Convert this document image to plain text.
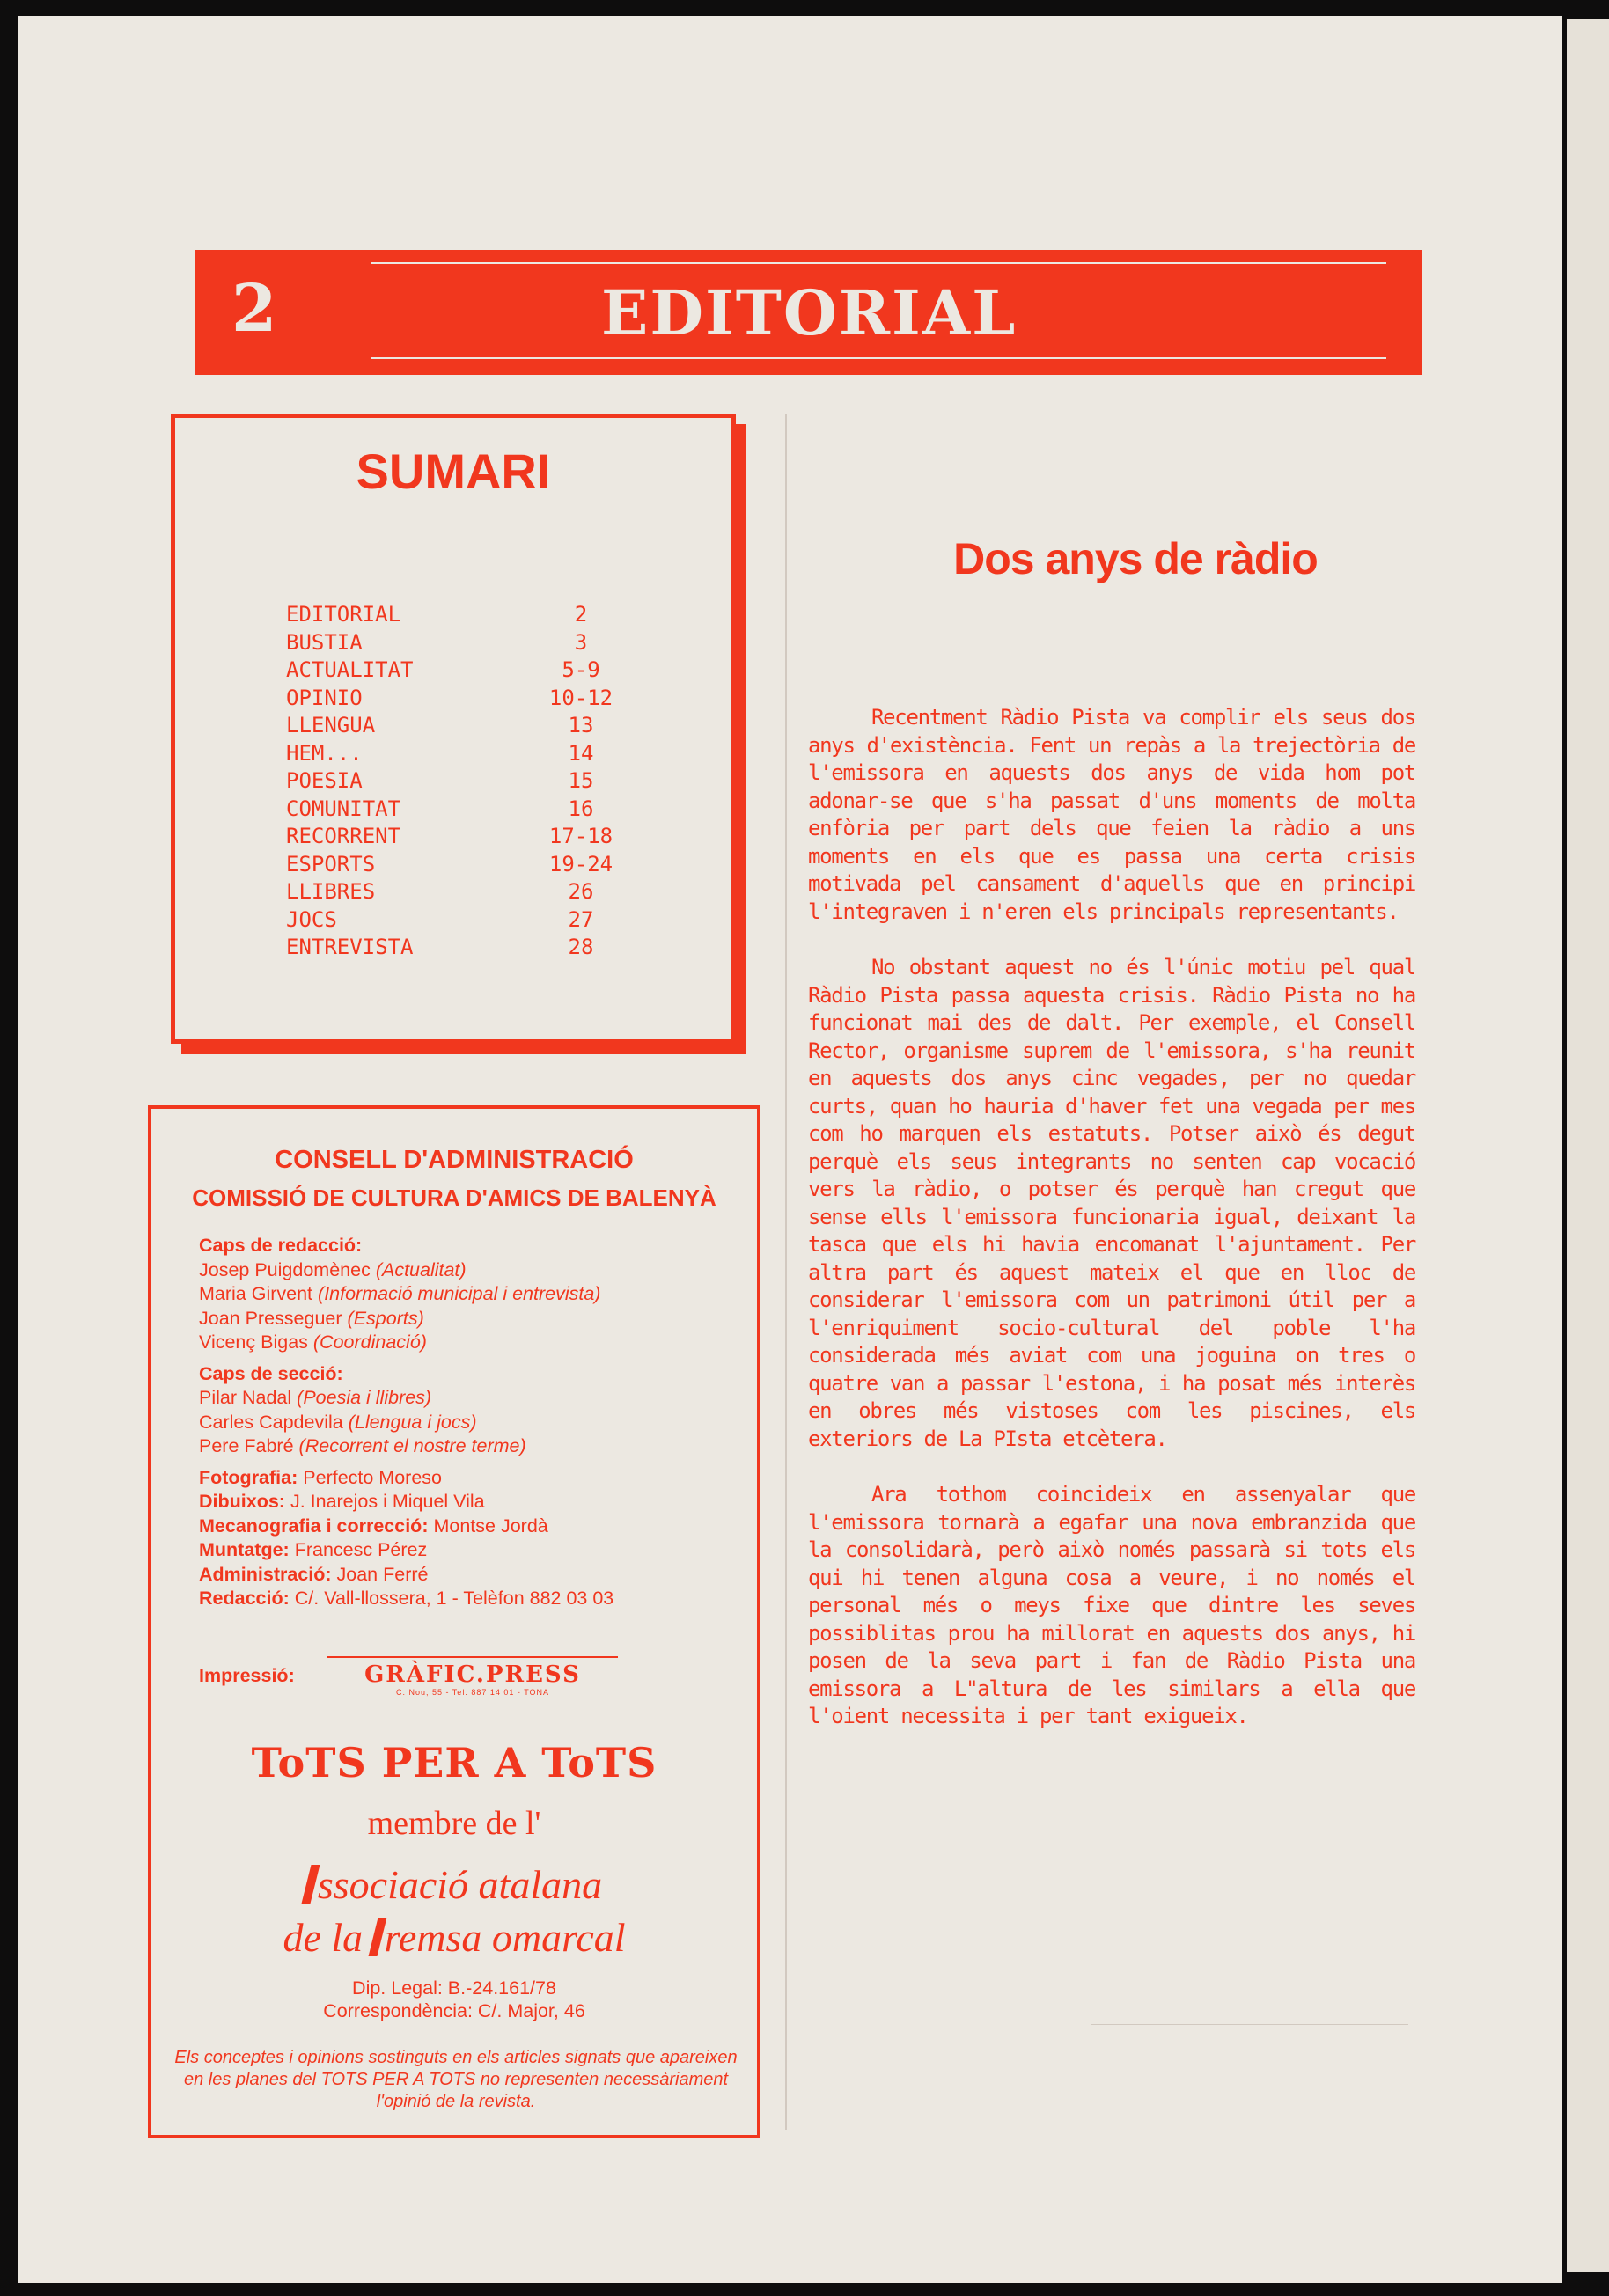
2	EDITORIAL
SUMARI
EDITORIAL	2
BUSTIA	3
ACTUALITAT	5-9
OPINIO	10-12
LLENGUA	13
HEM...	14
POESIA	15
COMUNITAT	16
RECORRENT	17-18
ESPORTS	19-24
LLIBRES	26
JOCS	27
ENTREVISTA	28
CONSELL D'ADMINISTRACIÓ
COMISSIÓ DE CULTURA D'AMICS DE BALENYÀ
Caps de redacció:
Josep Puigdomènec (Actualitat)
Maria Girvent (Informació municipal i entrevista)
Joan Presseguer (Esports)
Vicenç Bigas (Coordinació)
Caps de secció:
Pilar Nadal (Poesia i llibres)
Carles Capdevila (Llengua i jocs)
Pere Fabré (Recorrent el nostre terme)
Fotografia: Perfecto Moreso
Dibuixos: J. Inarejos i Miquel Vila
Mecanografia i correcció: Montse Jordà
Muntatge: Francesc Pérez
Administració: Joan Ferré
Redacció: C/. Vall-llossera, 1 - Telèfon 882 03 03
Impressió:	GRÀFIC.PRESS
C. Nou, 55 - Tel. 887 14 01 - TONA
ToTS PER A ToTS
membre de l'
ssociació atalana
de la remsa omarcal
Dip. Legal: B.-24.161/78
Correspondència: C/. Major, 46
Els conceptes i opinions sostinguts en els articles signats que apareixen en les planes del TOTS PER A TOTS no representen necessàriament l'opinió de la revista.
Dos anys de ràdio

Recentment Ràdio Pista va complir els seus dos anys d'existència. Fent un repàs a la trejectòria de l'emissora en aquests dos anys de vida hom pot adonar-se que s'ha passat d'uns moments de molta enfòria per part dels que feien la ràdio a uns moments en els que es passa una certa crisis motivada pel cansament d'aquells que en principi l'integraven i n'eren els principals representants.

No obstant aquest no és l'únic motiu pel qual Ràdio Pista passa aquesta crisis. Ràdio Pista no ha funcionat mai des de dalt. Per exemple, el Consell Rector, organisme suprem de l'emissora, s'ha reunit en aquests dos anys cinc vegades, per no quedar curts, quan ho hauria d'haver fet una vegada per mes com ho marquen els estatuts. Potser això és degut perquè els seus integrants no senten cap vocació vers la ràdio, o potser és perquè han cregut que sense ells l'emissora funcionaria igual, deixant la tasca que els hi havia encomanat l'ajuntament. Per altra part és aquest mateix el que en lloc de considerar l'emissora com un patrimoni útil per a l'enriquiment socio-cultural del poble l'ha considerada més aviat com una joguina on tres o quatre van a passar l'estona, i ha posat més interès en obres més vistoses com les piscines, els exteriors de La PIsta etcètera.

Ara tothom coincideix en assenyalar que l'emissora tornarà a egafar una nova embranzida que la consolidarà, però això només passarà si tots els qui hi tenen alguna cosa a veure, i no només el personal més o meys fixe que dintre les seves possiblitas prou ha millorat en aquests dos anys, hi posen de la seva part i fan de Ràdio Pista una emissora a L"altura de les similars a ella que l'oient necessita i per tant exigueix.
